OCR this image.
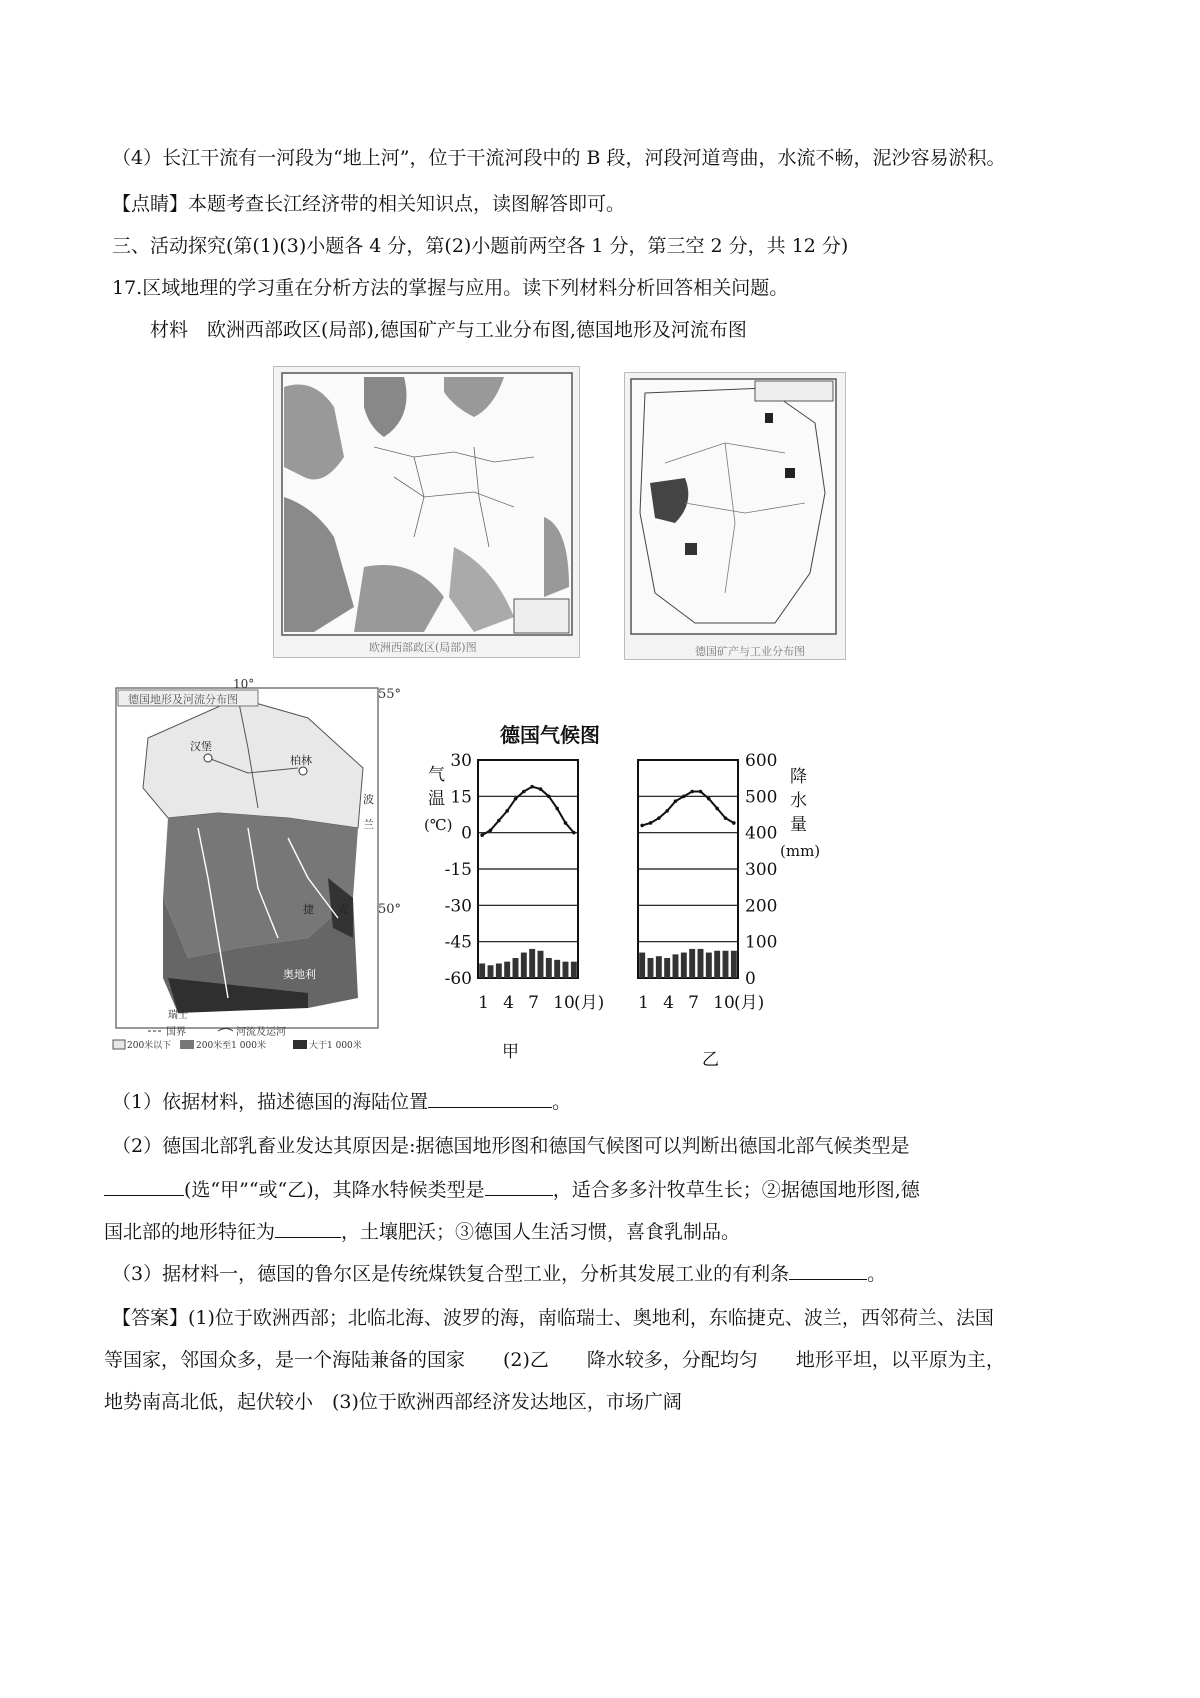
（4）长江干流有一河段为“地上河”，位于干流河段中的 B 段，河段河道弯曲，水流不畅，泥沙容易淤积。
【点睛】本题考查长江经济带的相关知识点，读图解答即可。
三、活动探究(第(1)(3)小题各 4 分，第(2)小题前两空各 1 分，第三空 2 分，共 12 分)
17.区域地理的学习重在分析方法的掌握与应用。读下列材料分析回答相关问题。
材料　欧洲西部政区(局部),德国矿产与工业分布图,德国地形及河流布图
欧洲西部政区(局部)图	德国矿产与工业分布图
德国地形及河流分布图
10°
55°
50°
汉堡
柏林
波
兰
捷 克
奥地利
瑞士
国界	河流及运河
200米以下	200米至1 000米	大于1 000米
德国气候图
气
温
(℃)
降
水
量
(mm)
甲	乙
1 4 7 10 (月) 1 4 7 10 (月)
30
15
0
-15
-30
-45
-60
600
500
400
300
200
100
0
（1）依据材料，描述德国的海陆位置	。
（2）德国北部乳畜业发达其原因是:据德国地形图和德国气候图可以判断出德国北部气候类型是
(选“甲”“或“乙)，其降水特候类型是	，适合多多汁牧草生长；②据德国地形图,德
国北部的地形特征为	，土壤肥沃；③德国人生活习惯，喜食乳制品。
（3）据材料一，德国的鲁尔区是传统煤铁复合型工业，分析其发展工业的有利条	。
【答案】(1)位于欧洲西部；北临北海、波罗的海，南临瑞士、奥地利，东临捷克、波兰，西邻荷兰、法国
等国家，邻国众多，是一个海陆兼备的国家　　(2)乙　　降水较多，分配均匀　　地形平坦，以平原为主，
地势南高北低，起伏较小　(3)位于欧洲西部经济发达地区，市场广阔
